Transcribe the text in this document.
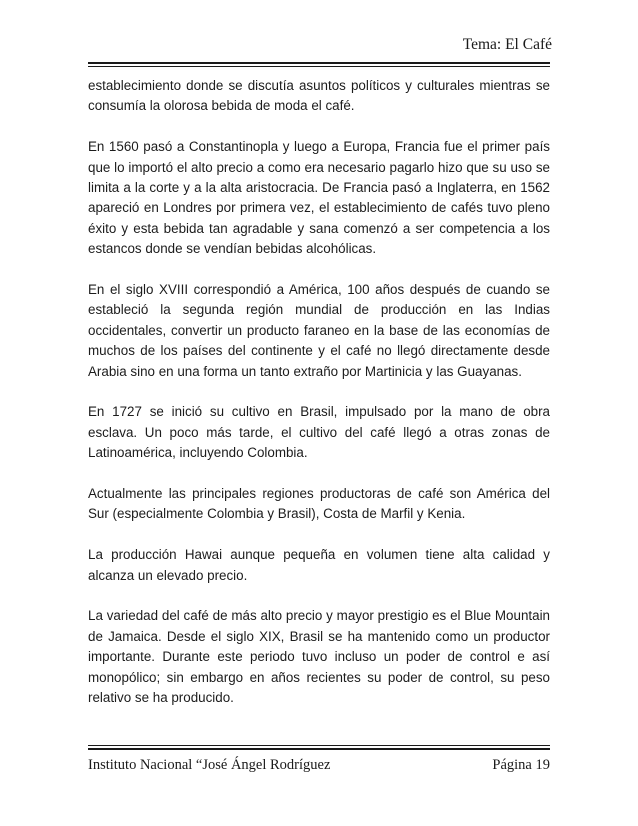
Tema: El Café

establecimiento donde se discutía asuntos políticos y culturales mientras se consumía la olorosa bebida de moda el café.

En 1560 pasó a Constantinopla y luego a Europa, Francia fue el primer país que lo importó el alto precio a como era necesario pagarlo hizo que su uso se limita a la corte y a la alta aristocracia. De Francia pasó a Inglaterra, en 1562 apareció en Londres por primera vez, el establecimiento de cafés tuvo pleno éxito y esta bebida tan agradable y sana comenzó a ser competencia a los estancos donde se vendían bebidas alcohólicas.

En el siglo XVIII correspondió a América, 100 años después de cuando se estableció la segunda región mundial de producción en las Indias occidentales, convertir un producto faraneo en la base de las economías de muchos de los países del continente y el café no llegó directamente desde Arabia sino en una forma un tanto extraño por Martinicia y las Guayanas.

En 1727 se inició su cultivo en Brasil, impulsado por la mano de obra esclava. Un poco más tarde, el cultivo del café llegó a otras zonas de Latinoamérica, incluyendo Colombia.

Actualmente las principales regiones productoras de café son América del Sur (especialmente Colombia y Brasil), Costa de Marfil y Kenia.

La producción Hawai aunque pequeña en volumen tiene alta calidad y alcanza un elevado precio.

La variedad del café de más alto precio y mayor prestigio es el Blue Mountain de Jamaica. Desde el siglo XIX, Brasil se ha mantenido como un productor importante. Durante este periodo tuvo incluso un poder de control e así monopólico; sin embargo en años recientes su poder de control, su peso relativo se ha producido.

Instituto Nacional “José Ángel Rodríguez	Página 19
